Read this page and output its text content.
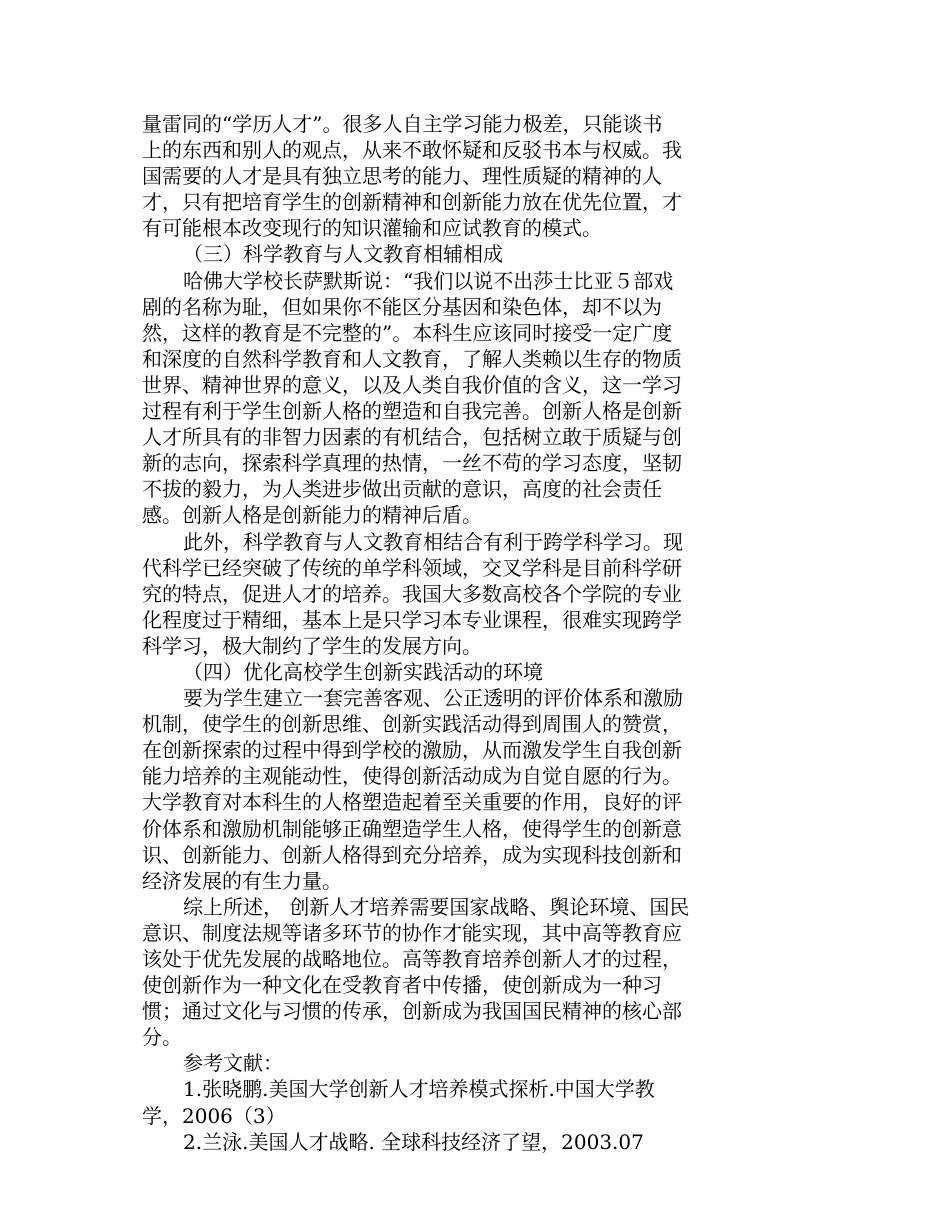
量雷同的“学历人才”。很多人自主学习能力极差，只能谈书
上的东西和别人的观点，从来不敢怀疑和反驳书本与权威。我
国需要的人才是具有独立思考的能力、理性质疑的精神的人
才，只有把培育学生的创新精神和创新能力放在优先位置，才
有可能根本改变现行的知识灌输和应试教育的模式。
（三）科学教育与人文教育相辅相成
哈佛大学校长萨默斯说：“我们以说不出莎士比亚５部戏
剧的名称为耻，但如果你不能区分基因和染色体，却不以为
然，这样的教育是不完整的”。本科生应该同时接受一定广度
和深度的自然科学教育和人文教育，了解人类赖以生存的物质
世界、精神世界的意义，以及人类自我价值的含义，这一学习
过程有利于学生创新人格的塑造和自我完善。创新人格是创新
人才所具有的非智力因素的有机结合，包括树立敢于质疑与创
新的志向，探索科学真理的热情，一丝不苟的学习态度，坚韧
不拔的毅力，为人类进步做出贡献的意识，高度的社会责任
感。创新人格是创新能力的精神后盾。
此外，科学教育与人文教育相结合有利于跨学科学习。现
代科学已经突破了传统的单学科领域，交叉学科是目前科学研
究的特点，促进人才的培养。我国大多数高校各个学院的专业
化程度过于精细，基本上是只学习本专业课程，很难实现跨学
科学习，极大制约了学生的发展方向。
（四）优化高校学生创新实践活动的环境
要为学生建立一套完善客观、公正透明的评价体系和激励
机制，使学生的创新思维、创新实践活动得到周围人的赞赏，
在创新探索的过程中得到学校的激励，从而激发学生自我创新
能力培养的主观能动性，使得创新活动成为自觉自愿的行为。
大学教育对本科生的人格塑造起着至关重要的作用，良好的评
价体系和激励机制能够正确塑造学生人格，使得学生的创新意
识、创新能力、创新人格得到充分培养，成为实现科技创新和
经济发展的有生力量。
综上所述， 创新人才培养需要国家战略、舆论环境、国民
意识、制度法规等诸多环节的协作才能实现，其中高等教育应
该处于优先发展的战略地位。高等教育培养创新人才的过程，
使创新作为一种文化在受教育者中传播，使创新成为一种习
惯；通过文化与习惯的传承，创新成为我国国民精神的核心部
分。
参考文献：
1.张晓鹏.美国大学创新人才培养模式探析.中国大学教
学，2006（3）
2.兰泳.美国人才战略. 全球科技经济了望，2003.07
